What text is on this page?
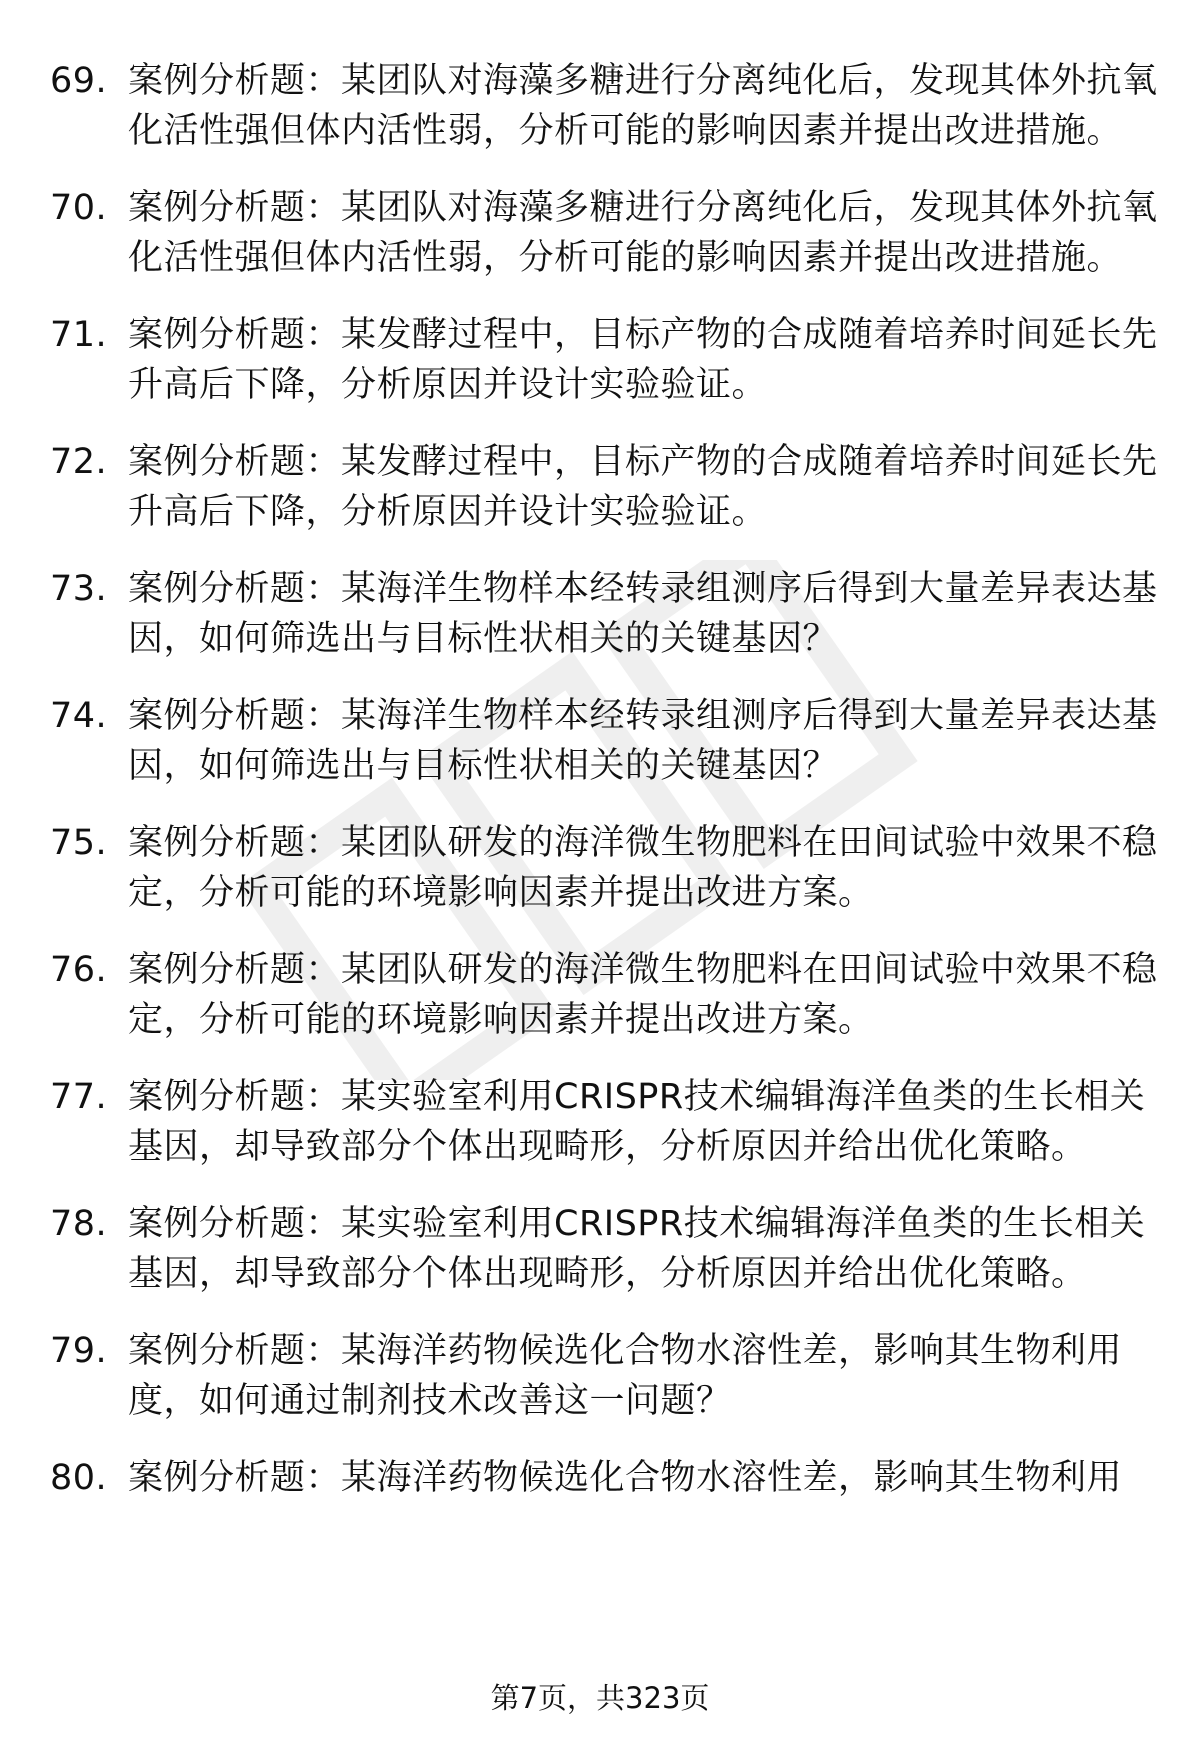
69. 案例分析题：某团队对海藻多糖进行分离纯化后，发现其体外抗氧化活性强但体内活性弱，分析可能的影响因素并提出改进措施。
70. 案例分析题：某团队对海藻多糖进行分离纯化后，发现其体外抗氧化活性强但体内活性弱，分析可能的影响因素并提出改进措施。
71. 案例分析题：某发酵过程中，目标产物的合成随着培养时间延长先升高后下降，分析原因并设计实验验证。
72. 案例分析题：某发酵过程中，目标产物的合成随着培养时间延长先升高后下降，分析原因并设计实验验证。
73. 案例分析题：某海洋生物样本经转录组测序后得到大量差异表达基因，如何筛选出与目标性状相关的关键基因？
74. 案例分析题：某海洋生物样本经转录组测序后得到大量差异表达基因，如何筛选出与目标性状相关的关键基因？
75. 案例分析题：某团队研发的海洋微生物肥料在田间试验中效果不稳定，分析可能的环境影响因素并提出改进方案。
76. 案例分析题：某团队研发的海洋微生物肥料在田间试验中效果不稳定，分析可能的环境影响因素并提出改进方案。
77. 案例分析题：某实验室利用CRISPR技术编辑海洋鱼类的生长相关基因，却导致部分个体出现畸形，分析原因并给出优化策略。
78. 案例分析题：某实验室利用CRISPR技术编辑海洋鱼类的生长相关基因，却导致部分个体出现畸形，分析原因并给出优化策略。
79. 案例分析题：某海洋药物候选化合物水溶性差，影响其生物利用度，如何通过制剂技术改善这一问题？
80. 案例分析题：某海洋药物候选化合物水溶性差，影响其生物利用
第7页，共323页
